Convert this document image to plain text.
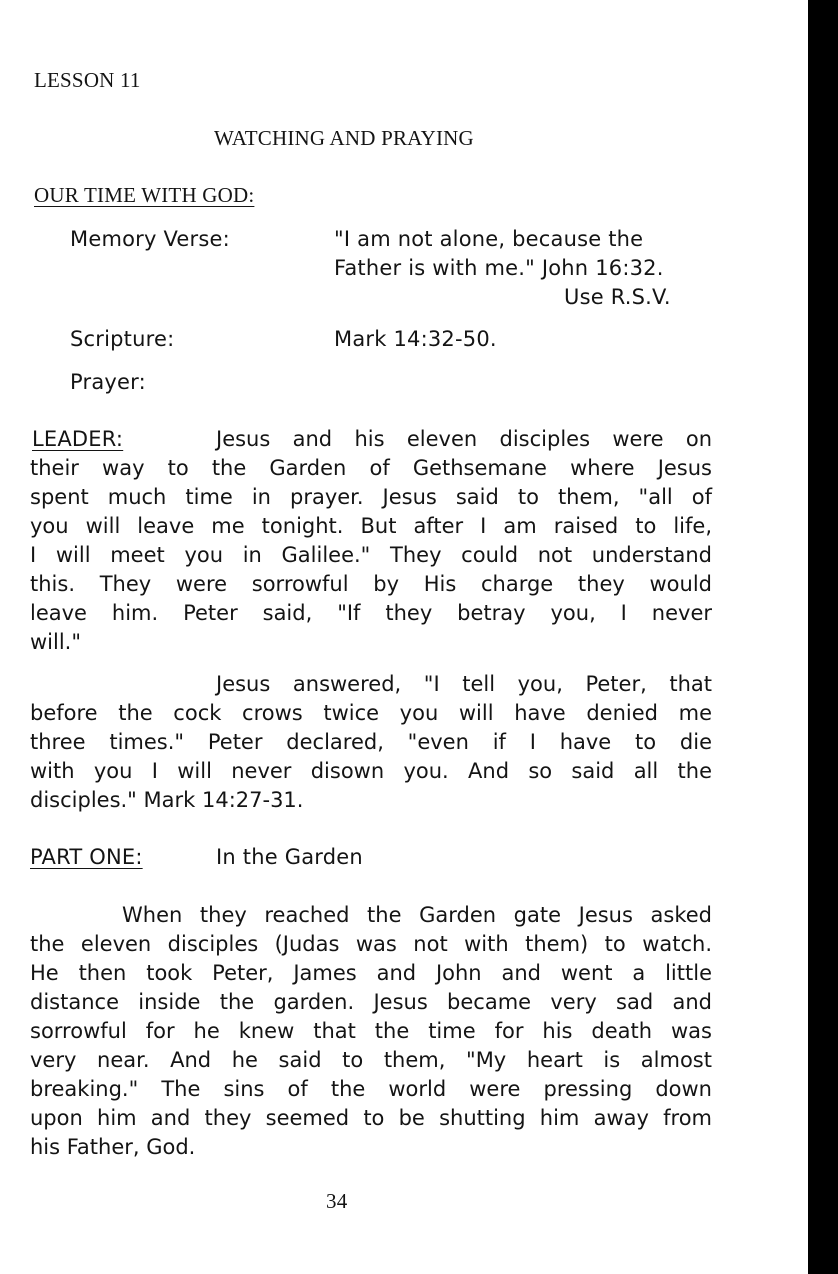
LESSON 11
WATCHING AND PRAYING
OUR TIME WITH GOD:
Memory Verse:	"I am not alone, because the
Father is with me." John 16:32.
Use R.S.V.
Scripture:	Mark 14:32-50.
Prayer:
LEADER:	Jesus and his eleven disciples were on
their way to the Garden of Gethsemane where Jesus
spent much time in prayer. Jesus said to them, "all of
you will leave me tonight. But after I am raised to life,
I will meet you in Galilee." They could not understand
this. They were sorrowful by His charge they would
leave him. Peter said, "If they betray you, I never
will."
Jesus answered, "I tell you, Peter, that
before the cock crows twice you will have denied me
three times." Peter declared, "even if I have to die
with you I will never disown you. And so said all the
disciples." Mark 14:27-31.
PART ONE:	In the Garden
When they reached the Garden gate Jesus asked
the eleven disciples (Judas was not with them) to watch.
He then took Peter, James and John and went a little
distance inside the garden. Jesus became very sad and
sorrowful for he knew that the time for his death was
very near. And he said to them, "My heart is almost
breaking." The sins of the world were pressing down
upon him and they seemed to be shutting him away from
his Father, God.
34
